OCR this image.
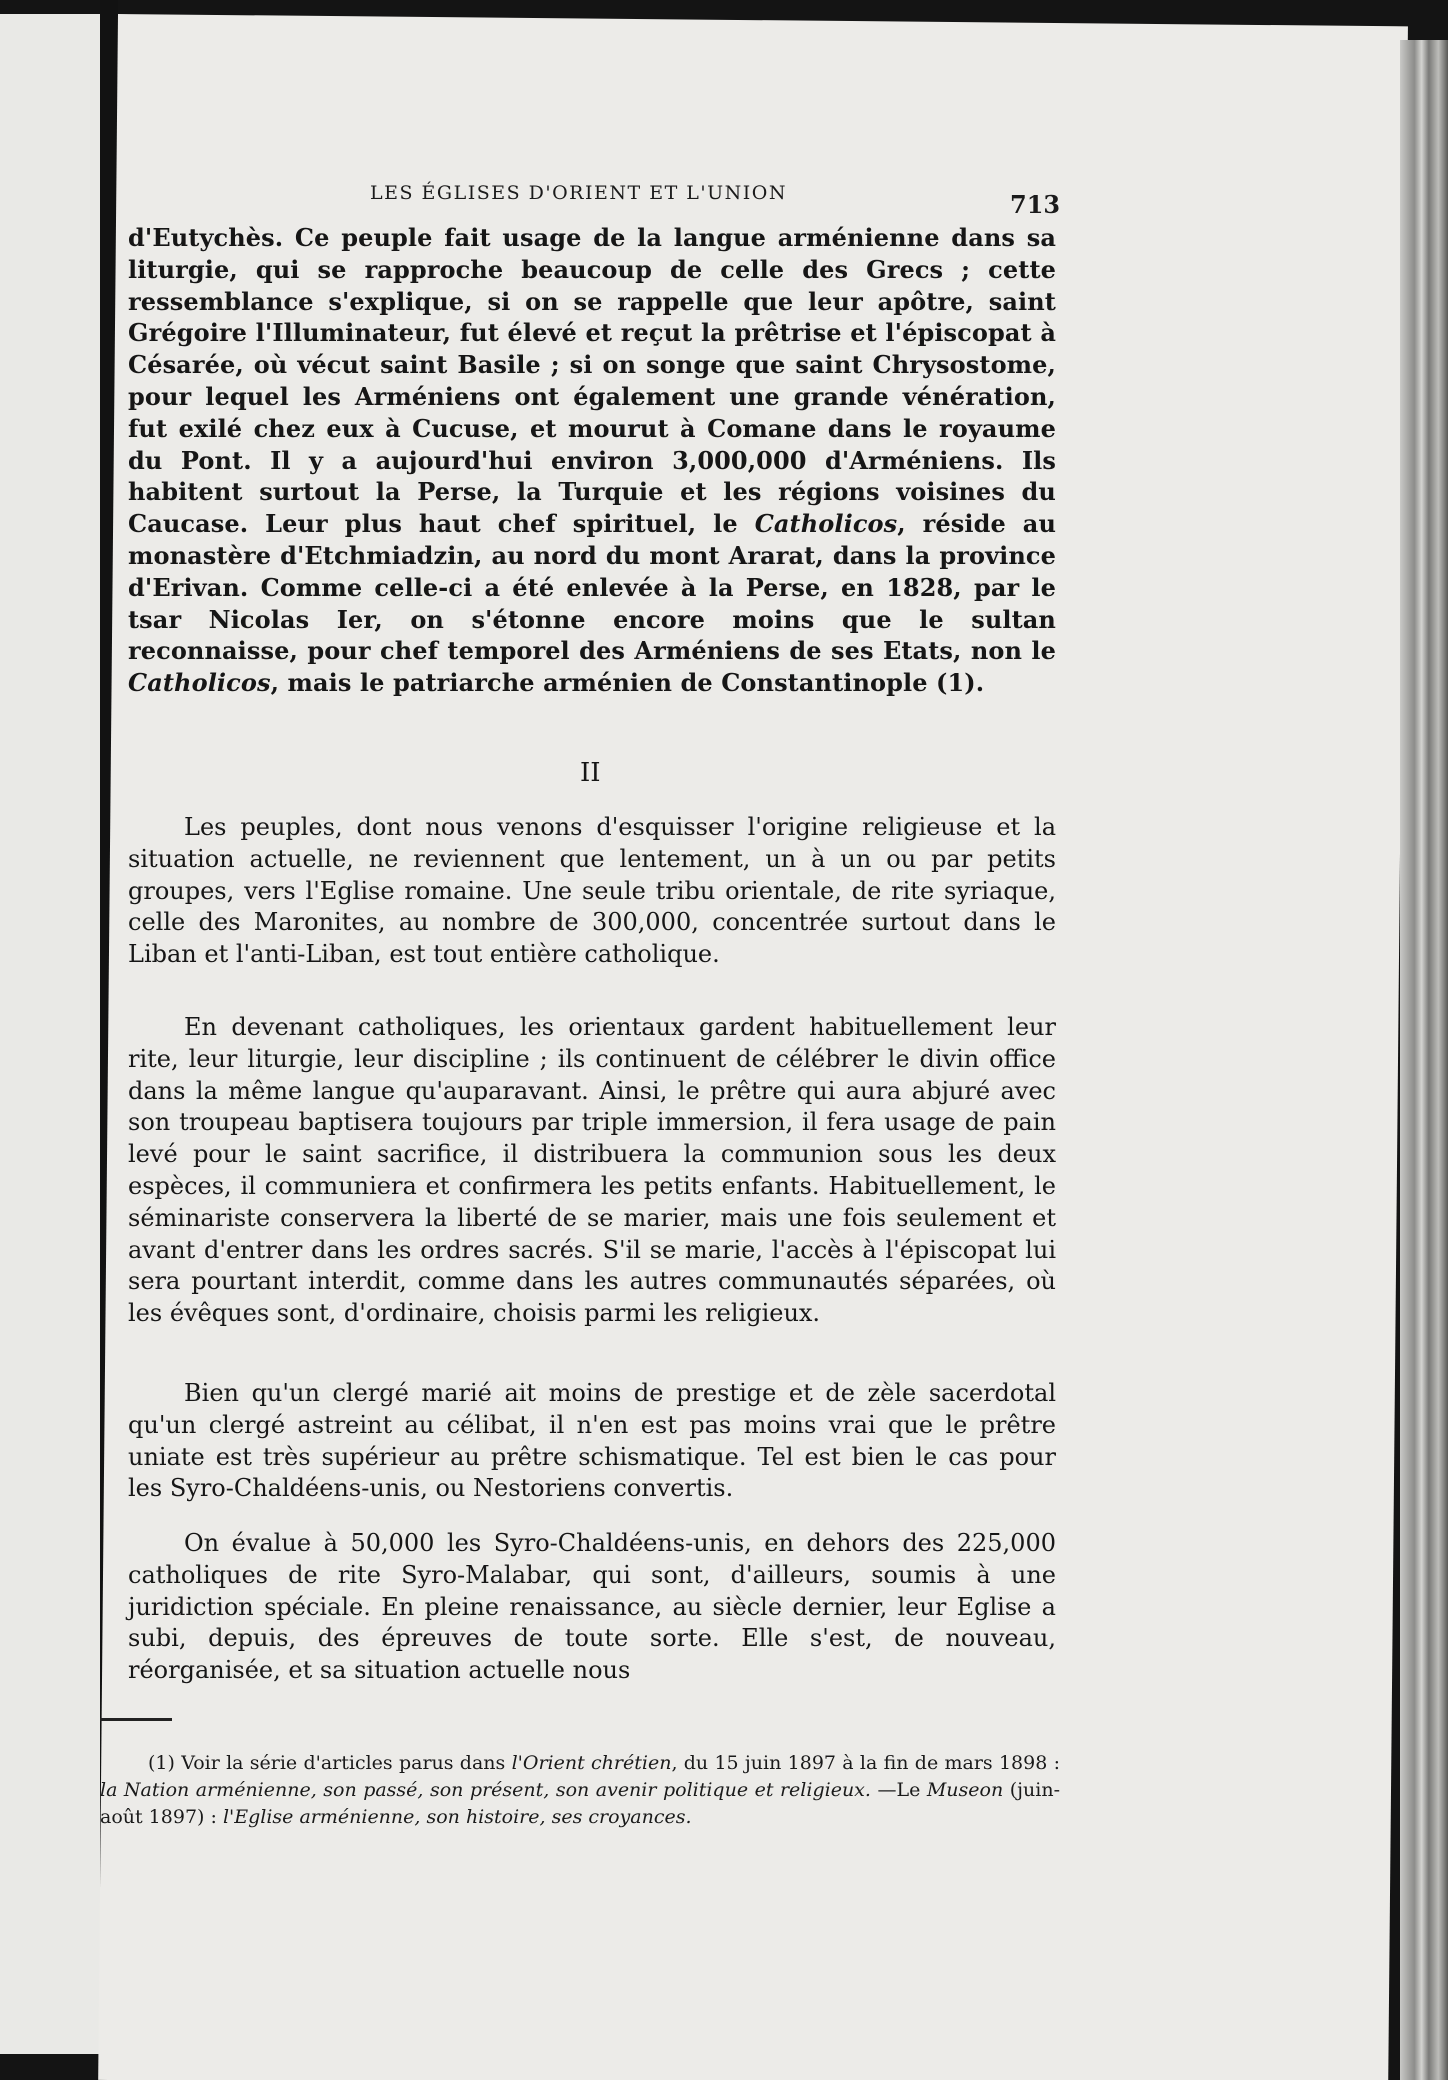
LES ÉGLISES D'ORIENT ET L'UNION	713
d'Eutychès. Ce peuple fait usage de la langue arménienne dans sa liturgie, qui se rapproche beaucoup de celle des Grecs ; cette ressemblance s'explique, si on se rappelle que leur apôtre, saint Grégoire l'Illuminateur, fut élevé et reçut la prêtrise et l'épiscopat à Césarée, où vécut saint Basile ; si on songe que saint Chrysostome, pour lequel les Arméniens ont également une grande vénération, fut exilé chez eux à Cucuse, et mourut à Comane dans le royaume du Pont. Il y a aujourd'hui environ 3,000,000 d'Arméniens. Ils habitent surtout la Perse, la Turquie et les régions voisines du Caucase. Leur plus haut chef spirituel, le Catholicos, réside au monastère d'Etchmiadzin, au nord du mont Ararat, dans la province d'Erivan. Comme celle-ci a été enlevée à la Perse, en 1828, par le tsar Nicolas Ier, on s'étonne encore moins que le sultan reconnaisse, pour chef temporel des Arméniens de ses Etats, non le Catholicos, mais le patriarche arménien de Constantinople (1).
II
Les peuples, dont nous venons d'esquisser l'origine religieuse et la situation actuelle, ne reviennent que lentement, un à un ou par petits groupes, vers l'Eglise romaine. Une seule tribu orientale, de rite syriaque, celle des Maronites, au nombre de 300,000, concentrée surtout dans le Liban et l'anti-Liban, est tout entière catholique.
En devenant catholiques, les orientaux gardent habituellement leur rite, leur liturgie, leur discipline ; ils continuent de célébrer le divin office dans la même langue qu'auparavant. Ainsi, le prêtre qui aura abjuré avec son troupeau baptisera toujours par triple immersion, il fera usage de pain levé pour le saint sacrifice, il distribuera la communion sous les deux espèces, il communiera et confirmera les petits enfants. Habituellement, le séminariste conservera la liberté de se marier, mais une fois seulement et avant d'entrer dans les ordres sacrés. S'il se marie, l'accès à l'épiscopat lui sera pourtant interdit, comme dans les autres communautés séparées, où les évêques sont, d'ordinaire, choisis parmi les religieux.
Bien qu'un clergé marié ait moins de prestige et de zèle sacerdotal qu'un clergé astreint au célibat, il n'en est pas moins vrai que le prêtre uniate est très supérieur au prêtre schismatique. Tel est bien le cas pour les Syro-Chaldéens-unis, ou Nestoriens convertis.
On évalue à 50,000 les Syro-Chaldéens-unis, en dehors des 225,000 catholiques de rite Syro-Malabar, qui sont, d'ailleurs, soumis à une juridiction spéciale. En pleine renaissance, au siècle dernier, leur Eglise a subi, depuis, des épreuves de toute sorte. Elle s'est, de nouveau, réorganisée, et sa situation actuelle nous
(1) Voir la série d'articles parus dans l'Orient chrétien, du 15 juin 1897 à la fin de mars 1898 : la Nation arménienne, son passé, son présent, son avenir politique et religieux. —Le Museon (juin-août 1897) : l'Eglise arménienne, son histoire, ses croyances.
